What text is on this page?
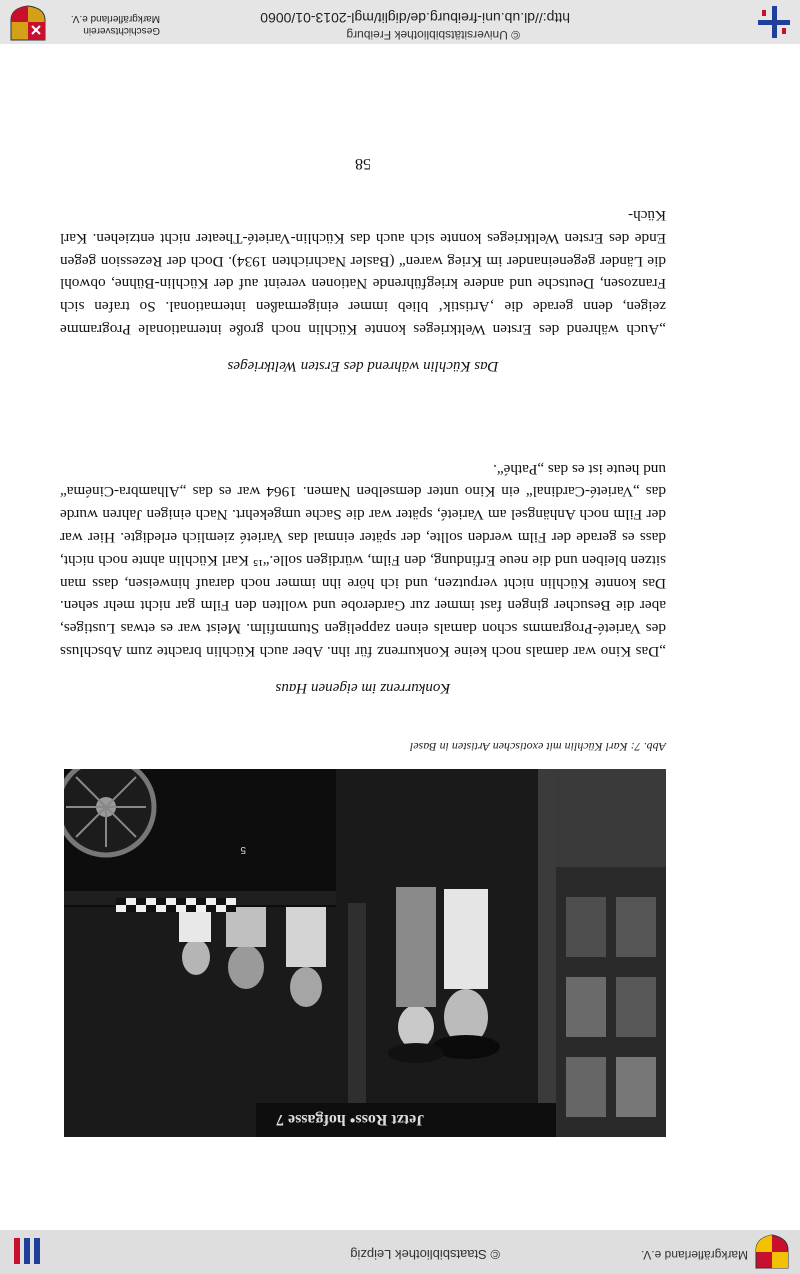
Markgräflerland e.V.
© Staatsbibliothek Leipzig
© Universitätsbibliothek Freiburg
http://dl.ub.uni-freiburg.de/diglit/mgl-2013-01/0060
Geschichtsverein
Markgräflerland e.V.
Jetzt Ross• hofgasse 7
5
Abb. 7: Karl Küchlin mit exotischen Artisten in Basel
Konkurrenz im eigenen Haus
„Das Kino war damals noch keine Konkurrenz für ihn. Aber auch Küchlin brachte zum Abschluss des Varieté-Programms schon damals einen zappeligen Stummfilm. Meist war es etwas Lustiges, aber die Besucher gingen fast immer zur Garderobe und wollten den Film gar nicht mehr sehen. Das konnte Küchlin nicht verputzen, und ich höre ihn immer noch darauf hinweisen, dass man sitzen bleiben und die neue Erfindung, den Film, würdigen solle.“¹⁵ Karl Küchlin ahnte noch nicht, dass es gerade der Film werden sollte, der später einmal das Varieté ziemlich erledigte. Hier war der Film noch Anhängsel am Varieté, später war die Sache umgekehrt. Nach einigen Jahren wurde das „Varieté-Cardinal“ ein Kino unter demselben Namen. 1964 war es das „Alhambra-Cinéma“ und heute ist es das „Pathé“.
Das Küchlin während des Ersten Weltkrieges
„Auch während des Ersten Weltkrieges konnte Küchlin noch große internationale Programme zeigen, denn gerade die ‚Artistik‘ blieb immer einigermaßen international. So trafen sich Franzosen, Deutsche und andere kriegführende Nationen vereint auf der Küchlin-Bühne, obwohl die Länder gegeneinander im Krieg waren“ (Basler Nachrichten 1934). Doch der Rezession gegen Ende des Ersten Weltkrieges konnte sich auch das Küchlin-Varieté-Theater nicht entziehen. Karl Küch-
58
